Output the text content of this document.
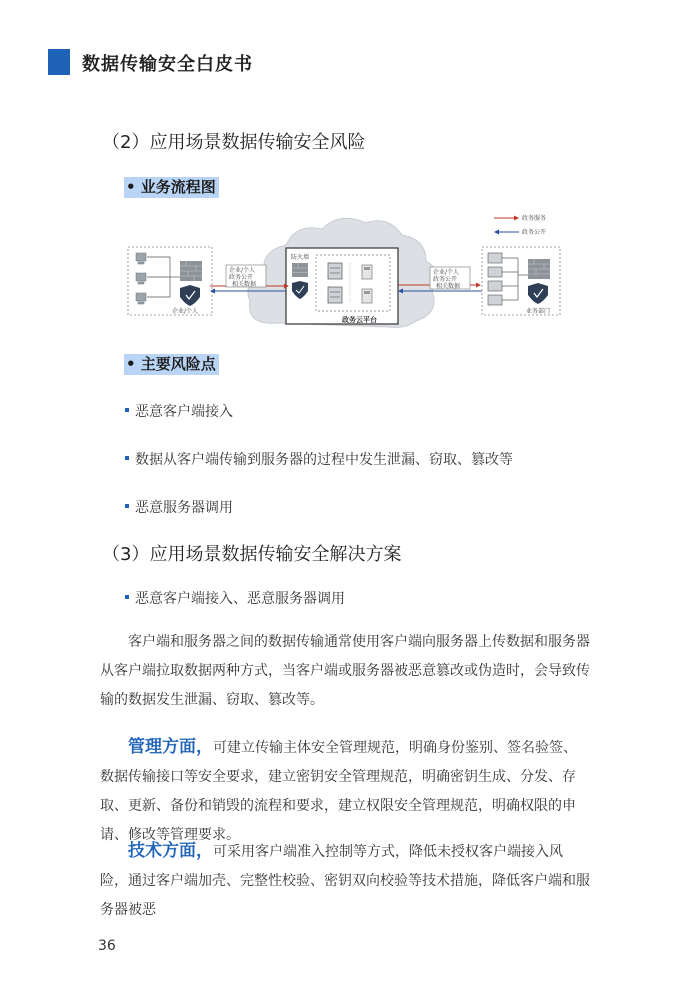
数据传输安全白皮书
（2）应用场景数据传输安全风险
• 业务流程图
政务服务
政务公开
企业/个人
防火墙
政务云平台
企业/个人
政务公开
相关数据
企业/个人
政务公开
相关数据
业务部门
• 主要风险点
恶意客户端接入
数据从客户端传输到服务器的过程中发生泄漏、窃取、篡改等
恶意服务器调用
（3）应用场景数据传输安全解决方案
恶意客户端接入、恶意服务器调用

客户端和服务器之间的数据传输通常使用客户端向服务器上传数据和服务器从客户端拉取数据两种方式，当客户端或服务器被恶意篡改或伪造时，会导致传输的数据发生泄漏、窃取、篡改等。

管理方面，可建立传输主体安全管理规范，明确身份鉴别、签名验签、数据传输接口等安全要求，建立密钥安全管理规范，明确密钥生成、分发、存取、更新、备份和销毁的流程和要求，建立权限安全管理规范，明确权限的申请、修改等管理要求。

技术方面，可采用客户端准入控制等方式，降低未授权客户端接入风险，通过客户端加壳、完整性校验、密钥双向校验等技术措施，降低客户端和服务器被恶

36
